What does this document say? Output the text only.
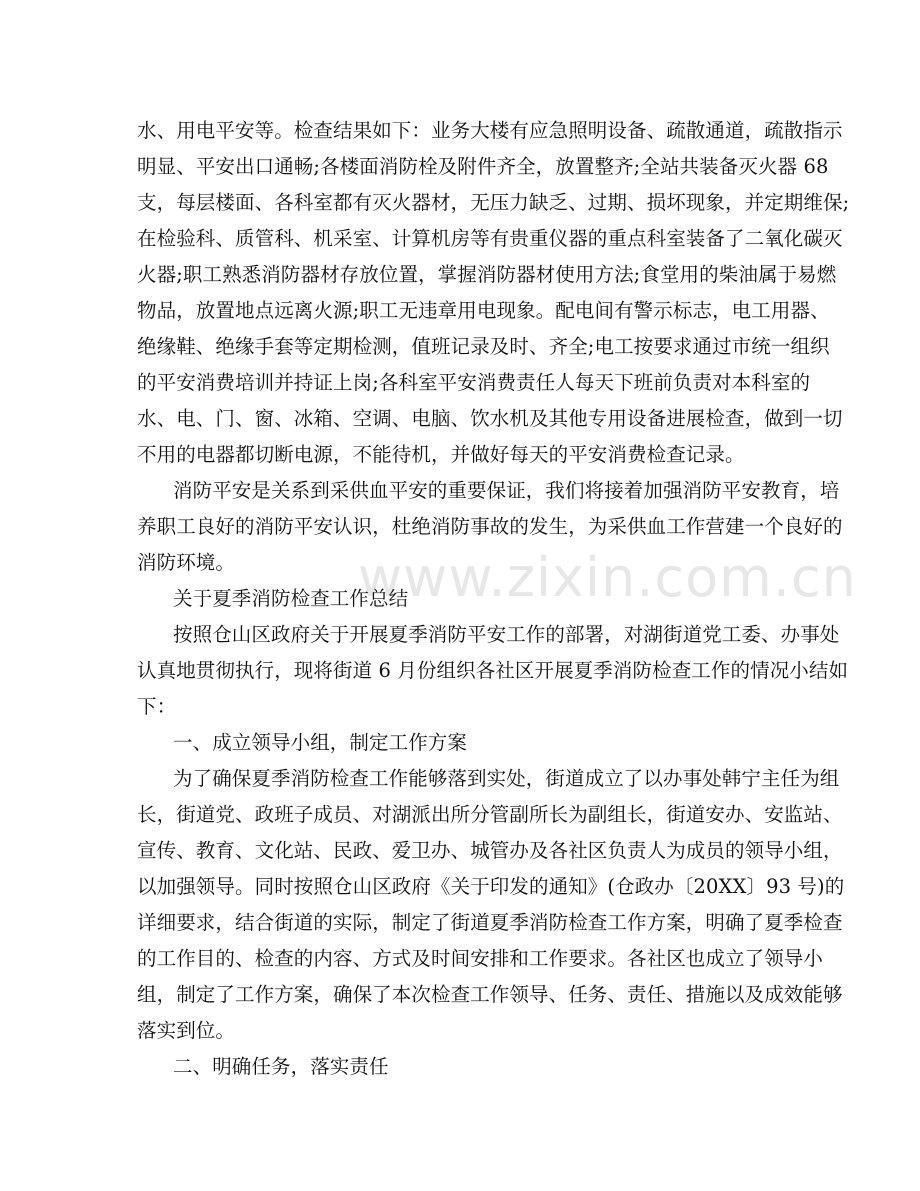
水、用电平安等。检查结果如下：业务大楼有应急照明设备、疏散通道，疏散指示
明显、平安出口通畅;各楼面消防栓及附件齐全，放置整齐;全站共装备灭火器 68
支，每层楼面、各科室都有灭火器材，无压力缺乏、过期、损坏现象，并定期维保;
在检验科、质管科、机采室、计算机房等有贵重仪器的重点科室装备了二氧化碳灭
火器;职工熟悉消防器材存放位置，掌握消防器材使用方法;食堂用的柴油属于易燃
物品，放置地点远离火源;职工无违章用电现象。配电间有警示标志，电工用器、
绝缘鞋、绝缘手套等定期检测，值班记录及时、齐全;电工按要求通过市统一组织
的平安消费培训并持证上岗;各科室平安消费责任人每天下班前负责对本科室的
水、电、门、窗、冰箱、空调、电脑、饮水机及其他专用设备进展检查，做到一切
不用的电器都切断电源，不能待机，并做好每天的平安消费检查记录。
消防平安是关系到采供血平安的重要保证，我们将接着加强消防平安教育，培
养职工良好的消防平安认识，杜绝消防事故的发生，为采供血工作营建一个良好的
消防环境。	www.zixin.com.cn
关于夏季消防检查工作总结
按照仓山区政府关于开展夏季消防平安工作的部署，对湖街道党工委、办事处
认真地贯彻执行，现将街道 6 月份组织各社区开展夏季消防检查工作的情况小结如
下：
一、成立领导小组，制定工作方案
为了确保夏季消防检查工作能够落到实处，街道成立了以办事处韩宁主任为组
长，街道党、政班子成员、对湖派出所分管副所长为副组长，街道安办、安监站、
宣传、教育、文化站、民政、爱卫办、城管办及各社区负责人为成员的领导小组，
以加强领导。同时按照仓山区政府《关于印发的通知》(仓政办〔20XX〕93 号)的
详细要求，结合街道的实际，制定了街道夏季消防检查工作方案，明确了夏季检查
的工作目的、检查的内容、方式及时间安排和工作要求。各社区也成立了领导小
组，制定了工作方案，确保了本次检查工作领导、任务、责任、措施以及成效能够
落实到位。
二、明确任务，落实责任
